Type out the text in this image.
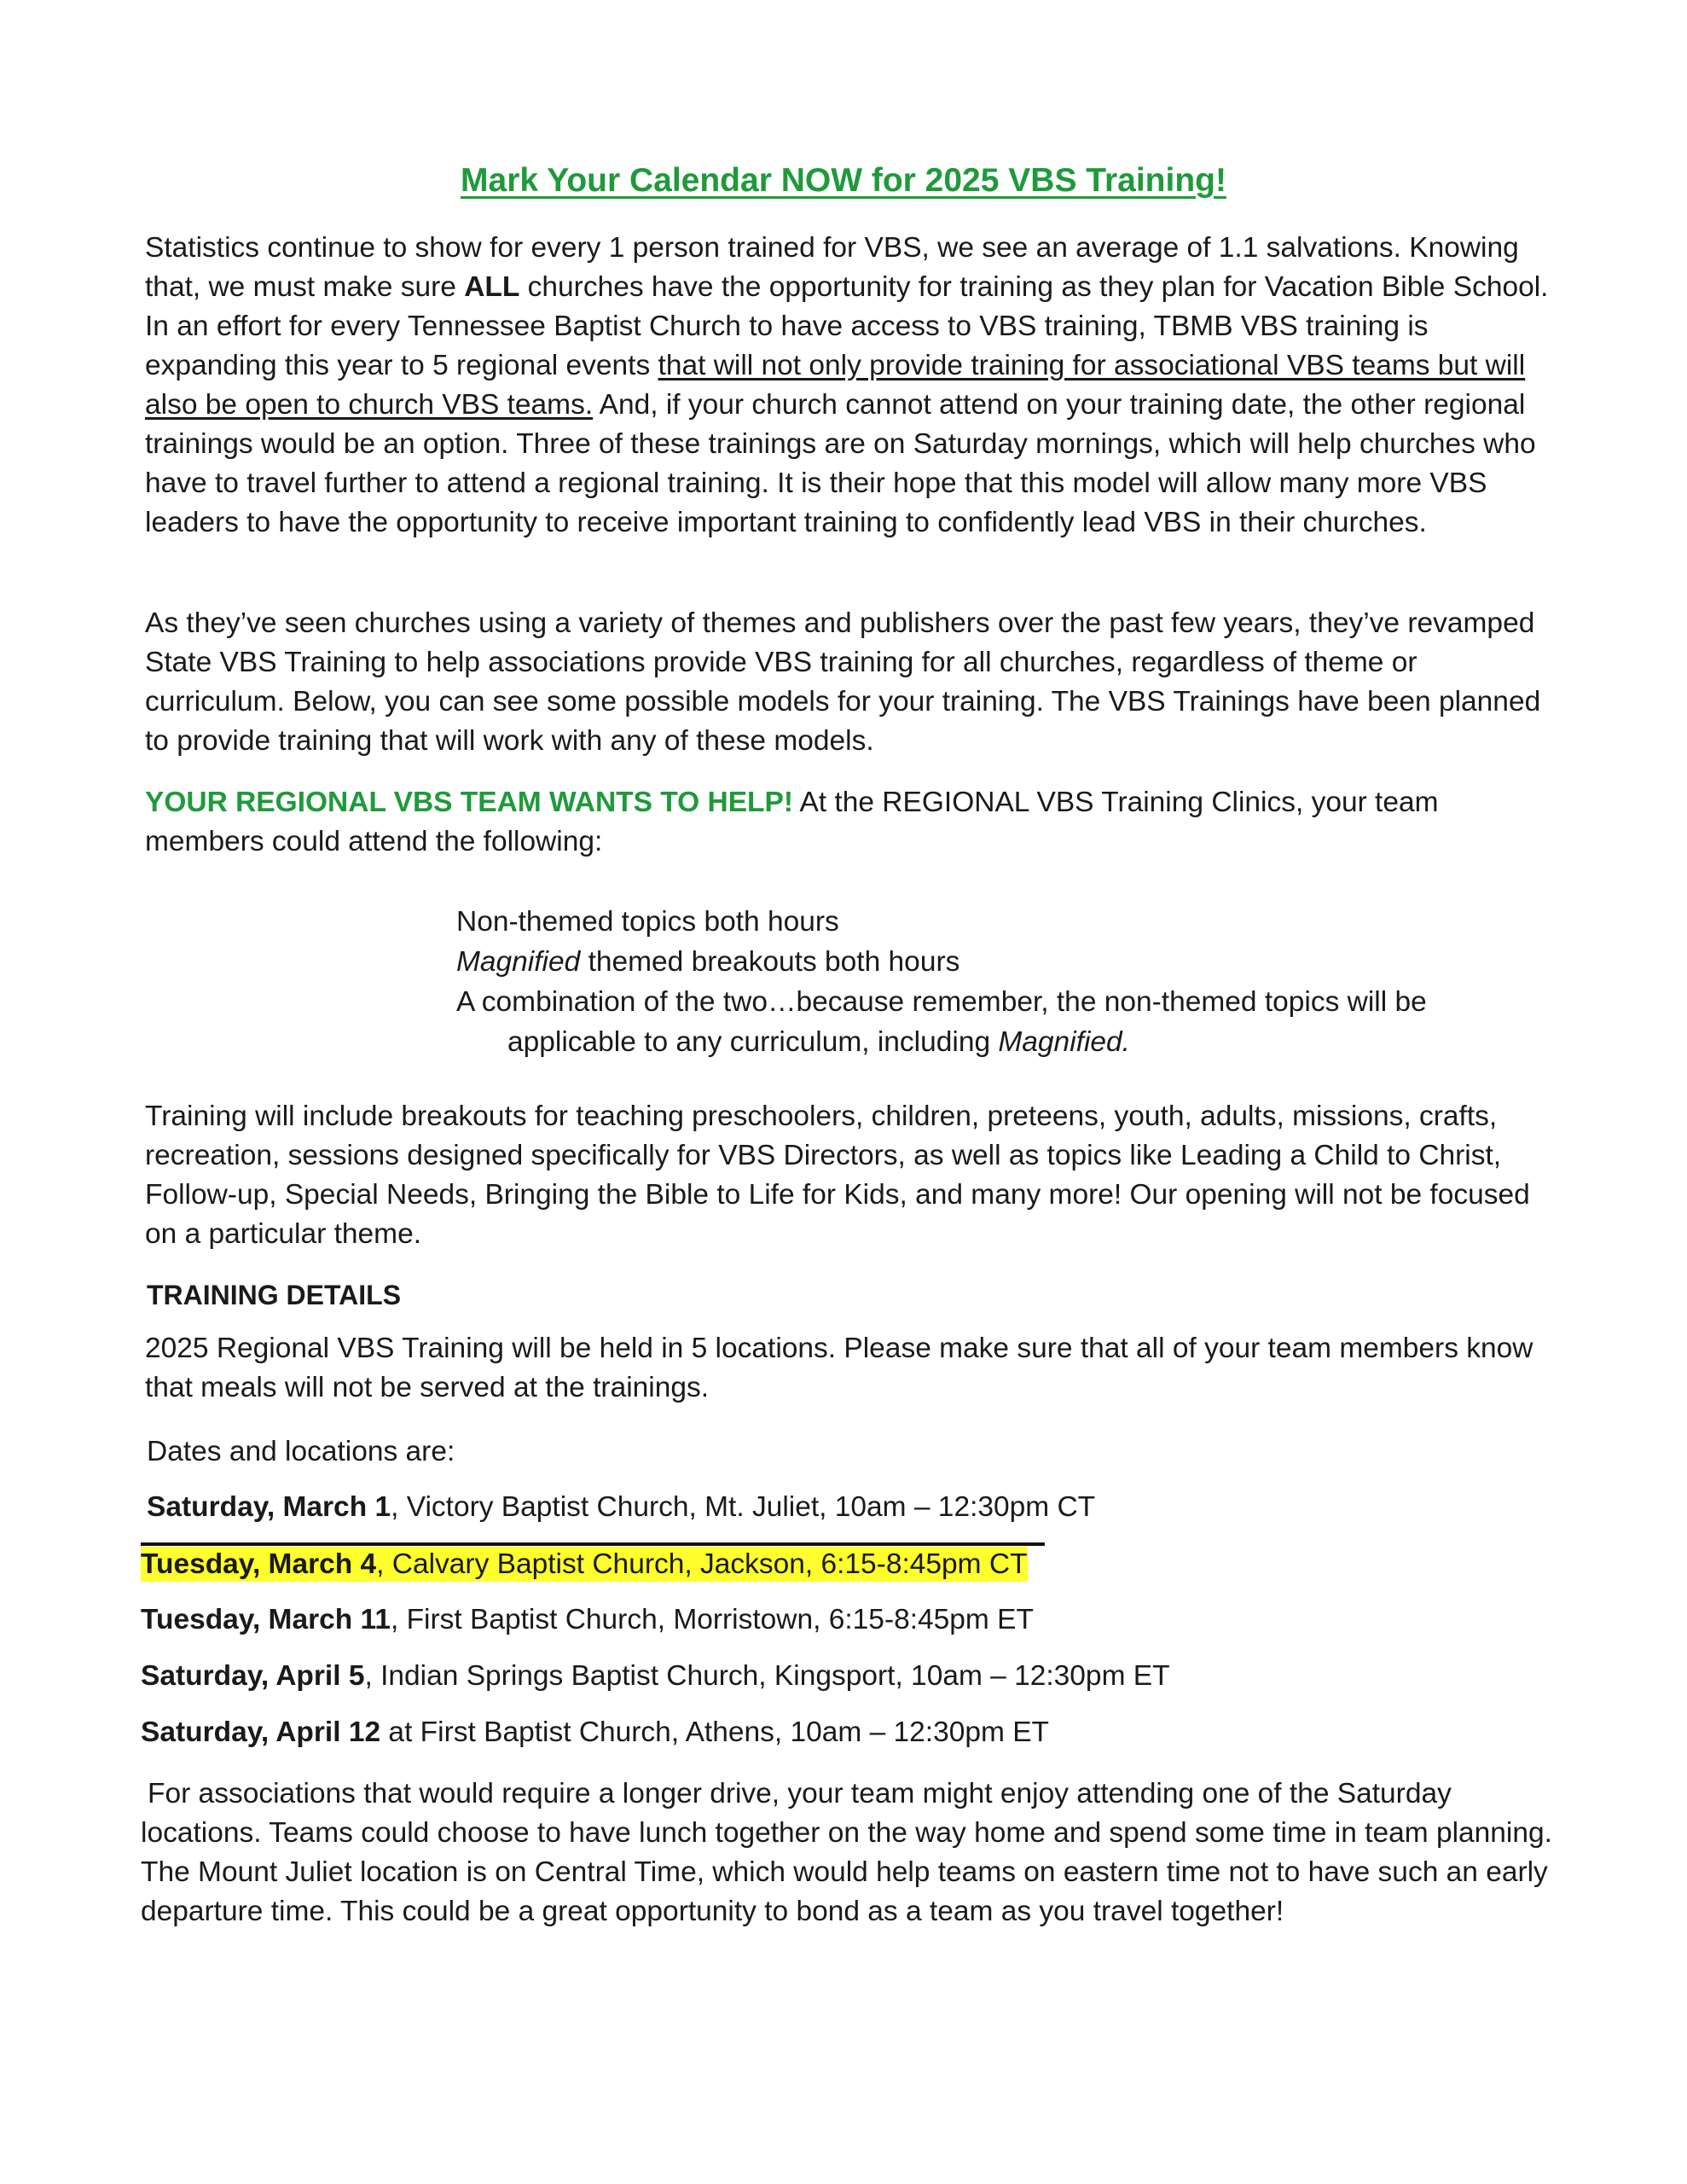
Mark Your Calendar NOW for 2025 VBS Training!

Statistics continue to show for every 1 person trained for VBS, we see an average of 1.1 salvations. Knowing that, we must make sure ALL churches have the opportunity for training as they plan for Vacation Bible School. In an effort for every Tennessee Baptist Church to have access to VBS training, TBMB VBS training is expanding this year to 5 regional events that will not only provide training for associational VBS teams but will also be open to church VBS teams. And, if your church cannot attend on your training date, the other regional trainings would be an option. Three of these trainings are on Saturday mornings, which will help churches who have to travel further to attend a regional training. It is their hope that this model will allow many more VBS leaders to have the opportunity to receive important training to confidently lead VBS in their churches.

As they’ve seen churches using a variety of themes and publishers over the past few years, they’ve revamped State VBS Training to help associations provide VBS training for all churches, regardless of theme or curriculum. Below, you can see some possible models for your training. The VBS Trainings have been planned to provide training that will work with any of these models.

YOUR REGIONAL VBS TEAM WANTS TO HELP! At the REGIONAL VBS Training Clinics, your team members could attend the following:

Non-themed topics both hours
Magnified themed breakouts both hours
A combination of the two…because remember, the non-themed topics will be
applicable to any curriculum, including Magnified.

Training will include breakouts for teaching preschoolers, children, preteens, youth, adults, missions, crafts, recreation, sessions designed specifically for VBS Directors, as well as topics like Leading a Child to Christ, Follow-up, Special Needs, Bringing the Bible to Life for Kids, and many more! Our opening will not be focused on a particular theme.

TRAINING DETAILS

2025 Regional VBS Training will be held in 5 locations. Please make sure that all of your team members know that meals will not be served at the trainings.

Dates and locations are:
Saturday, March 1, Victory Baptist Church, Mt. Juliet, 10am – 12:30pm CT
Tuesday, March 4, Calvary Baptist Church, Jackson, 6:15-8:45pm CT
Tuesday, March 11, First Baptist Church, Morristown, 6:15-8:45pm ET
Saturday, April 5, Indian Springs Baptist Church, Kingsport, 10am – 12:30pm ET
Saturday, April 12 at First Baptist Church, Athens, 10am – 12:30pm ET

For associations that would require a longer drive, your team might enjoy attending one of the Saturday locations. Teams could choose to have lunch together on the way home and spend some time in team planning. The Mount Juliet location is on Central Time, which would help teams on eastern time not to have such an early departure time. This could be a great opportunity to bond as a team as you travel together!
